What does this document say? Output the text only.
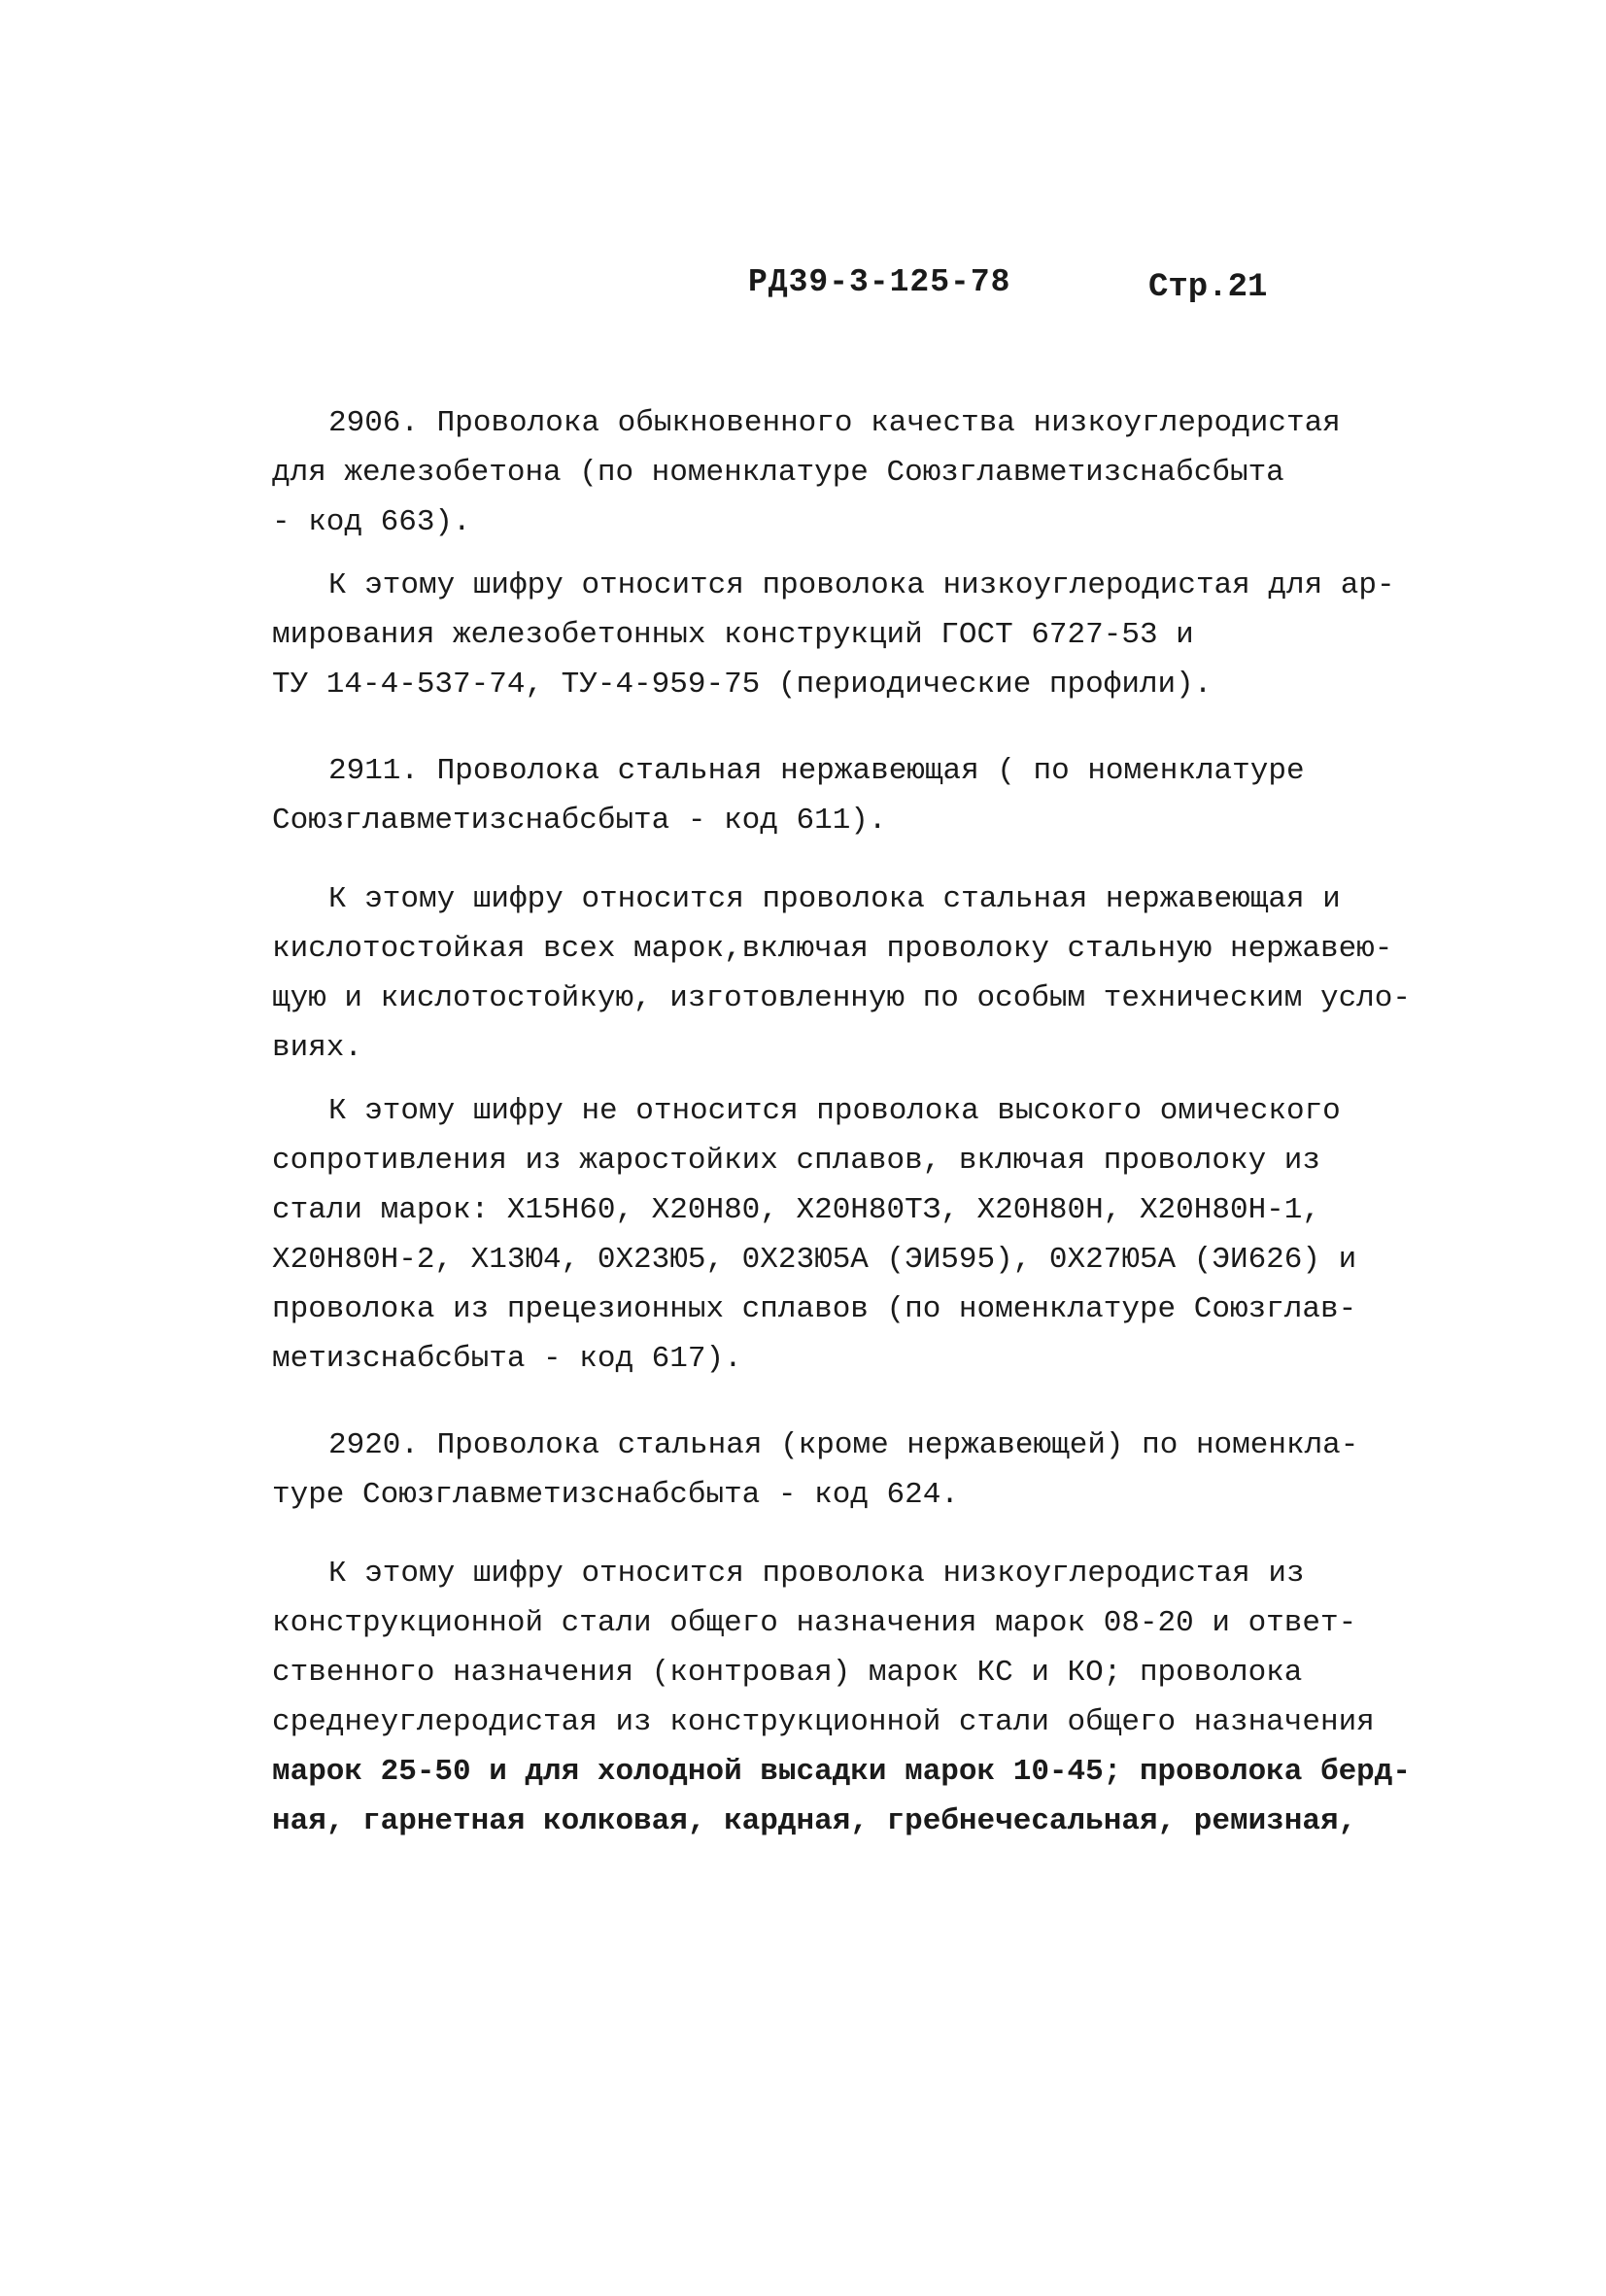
РД39-3-125-78	Стр.21
2906. Проволока обыкновенного качества низкоуглеродистая
для железобетона (по номенклатуре Союзглавметизснабсбыта
- код 663).
К этому шифру относится проволока низкоуглеродистая для ар-
мирования железобетонных конструкций ГОСТ 6727-53 и
ТУ 14-4-537-74, ТУ-4-959-75 (периодические профили).
2911. Проволока стальная нержавеющая ( по номенклатуре
Союзглавметизснабсбыта - код 611).
К этому шифру относится проволока стальная нержавеющая и
кислотостойкая всех марок,включая проволоку стальную нержавею-
щую и кислотостойкую, изготовленную по особым техническим усло-
виях.
К этому шифру не относится проволока высокого омического
сопротивления из жаростойких сплавов, включая проволоку из
стали марок: Х15Н60, Х20Н80, Х20Н80ТЗ, Х20Н80Н, Х20Н80Н-1,
Х20Н80Н-2, Х13Ю4, 0Х23Ю5, 0Х23Ю5А (ЭИ595), 0Х27Ю5А (ЭИ626) и
проволока из прецезионных сплавов (по номенклатуре Союзглав-
метизснабсбыта - код 617).
2920. Проволока стальная (кроме нержавеющей) по номенкла-
туре Союзглавметизснабсбыта - код 624.
К этому шифру относится проволока низкоуглеродистая из
конструкционной стали общего назначения марок 08-20 и ответ-
ственного назначения (контровая) марок КС и КО; проволока
среднеуглеродистая из конструкционной стали общего назначения
марок 25-50 и для холодной высадки марок 10-45; проволока берд-
ная, гарнетная колковая, кардная, гребнечесальная, ремизная,
